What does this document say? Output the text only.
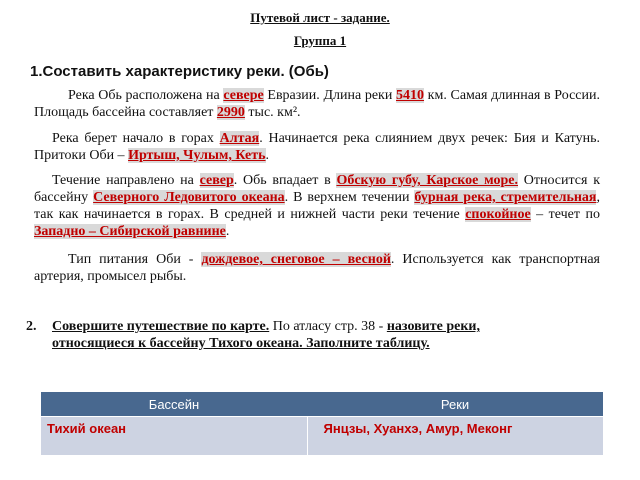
Путевой лист - задание.
Группа 1
1.Составить характеристику реки. (Обь)

Река Обь расположена на севере Евразии. Длина реки 5410 км. Самая длинная в России. Площадь бассейна составляет 2990 тыс. км².

Река берет начало в горах Алтая. Начинается река слиянием двух речек: Бия и Катунь. Притоки Оби – Иртыш, Чулым, Кеть.

Течение направлено на север. Обь впадает в Обскую губу, Карское море. Относится к бассейну Северного Ледовитого океана. В верхнем течении бурная река, стремительная, так как начинается в горах. В средней и нижней части реки течение спокойное – течет по Западно – Сибирской равнине.

Тип питания Оби - дождевое, снеговое – весной. Используется как транспортная артерия, промысел рыбы.

2. Совершите путешествие по карте. По атласу стр. 38 - назовите реки,
относящиеся к бассейну Тихого океана. Заполните таблицу.

Бассейн	Реки
Тихий океан	Янцзы, Хуанхэ, Амур, Меконг
